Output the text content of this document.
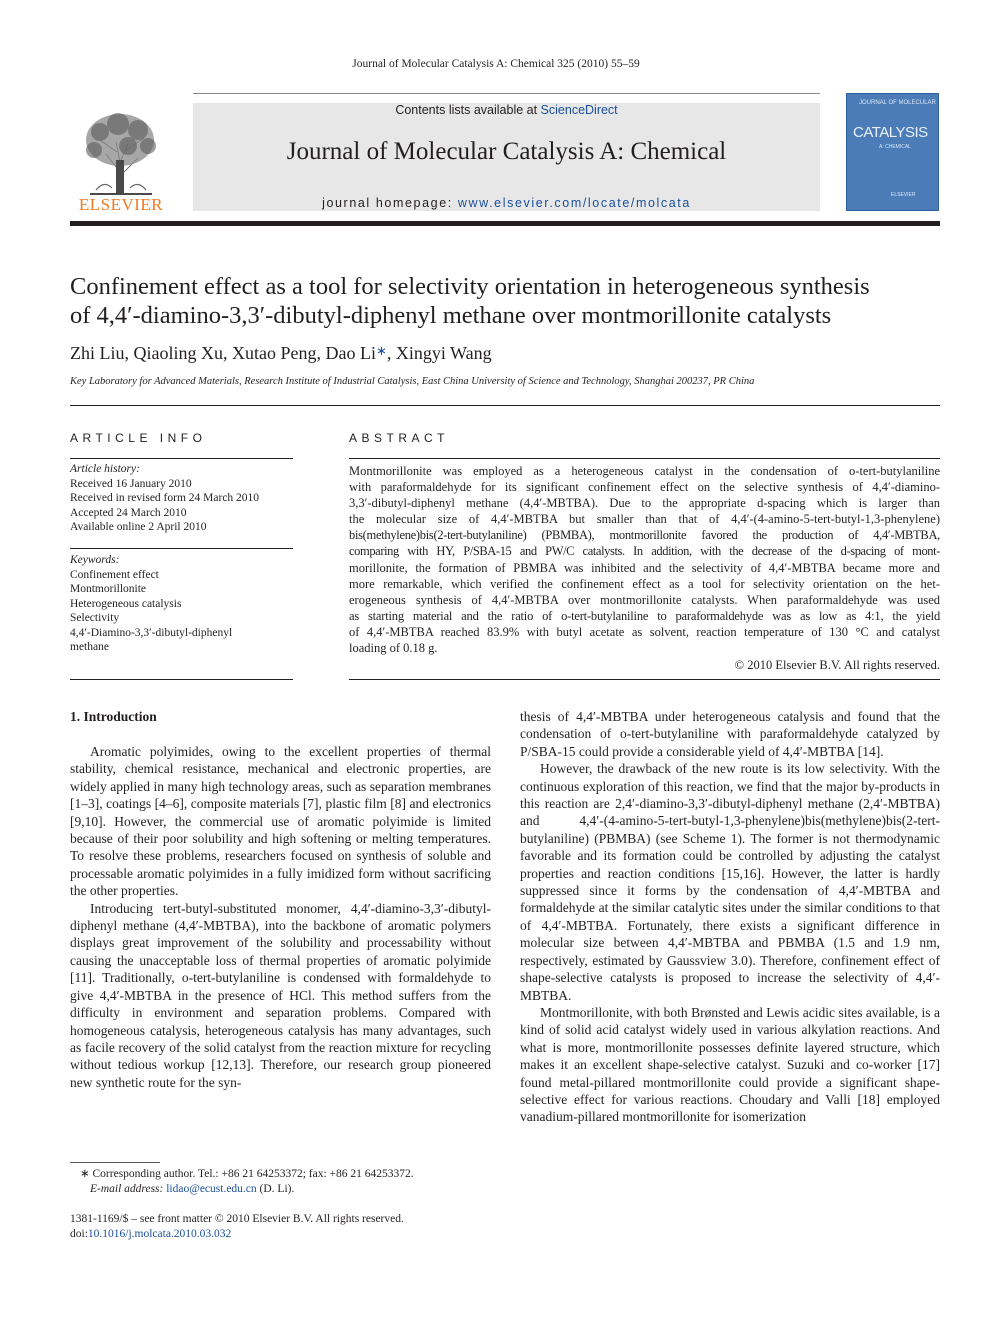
Journal of Molecular Catalysis A: Chemical 325 (2010) 55–59
ELSEVIER
Contents lists available at ScienceDirect
Journal of Molecular Catalysis A: Chemical
journal homepage: www.elsevier.com/locate/molcata
JOURNAL OF MOLECULAR
CATALYSIS
A: CHEMICAL
ELSEVIER
Confinement effect as a tool for selectivity orientation in heterogeneous synthesis
of 4,4′-diamino-3,3′-dibutyl-diphenyl methane over montmorillonite catalysts
Zhi Liu, Qiaoling Xu, Xutao Peng, Dao Li∗, Xingyi Wang
Key Laboratory for Advanced Materials, Research Institute of Industrial Catalysis, East China University of Science and Technology, Shanghai 200237, PR China
ARTICLE INFO
Article history:
Received 16 January 2010
Received in revised form 24 March 2010
Accepted 24 March 2010
Available online 2 April 2010
Keywords:
Confinement effect
Montmorillonite
Heterogeneous catalysis
Selectivity
4,4′-Diamino-3,3′-dibutyl-diphenyl
methane
ABSTRACT
Montmorillonite was employed as a heterogeneous catalyst in the condensation of o-tert-butylaniline
with paraformaldehyde for its significant confinement effect on the selective synthesis of 4,4′-diamino-
3,3′-dibutyl-diphenyl methane (4,4′-MBTBA). Due to the appropriate d-spacing which is larger than
the molecular size of 4,4′-MBTBA but smaller than that of 4,4′-(4-amino-5-tert-butyl-1,3-phenylene)
bis(methylene)bis(2-tert-butylaniline) (PBMBA), montmorillonite favored the production of 4,4′-MBTBA,
comparing with HY, P/SBA-15 and PW/C catalysts. In addition, with the decrease of the d-spacing of mont-
morillonite, the formation of PBMBA was inhibited and the selectivity of 4,4′-MBTBA became more and
more remarkable, which verified the confinement effect as a tool for selectivity orientation on the het-
erogeneous synthesis of 4,4′-MBTBA over montmorillonite catalysts. When paraformaldehyde was used
as starting material and the ratio of o-tert-butylaniline to paraformaldehyde was as low as 4:1, the yield
of 4,4′-MBTBA reached 83.9% with butyl acetate as solvent, reaction temperature of 130 °C and catalyst
loading of 0.18 g.
© 2010 Elsevier B.V. All rights reserved.
1. Introduction

Aromatic polyimides, owing to the excellent properties of thermal stability, chemical resistance, mechanical and electronic properties, are widely applied in many high technology areas, such as separation membranes [1–3], coatings [4–6], composite materials [7], plastic film [8] and electronics [9,10]. However, the commercial use of aromatic polyimide is limited because of their poor solubility and high softening or melting temperatures. To resolve these problems, researchers focused on synthesis of soluble and processable aromatic polyimides in a fully imidized form without sacrificing the other properties.

Introducing tert-butyl-substituted monomer, 4,4′-diamino-3,3′-dibutyl-diphenyl methane (4,4′-MBTBA), into the backbone of aromatic polymers displays great improvement of the solubility and processability without causing the unacceptable loss of thermal properties of aromatic polyimide [11]. Traditionally, o-tert-butylaniline is condensed with formaldehyde to give 4,4′-MBTBA in the presence of HCl. This method suffers from the difficulty in environment and separation problems. Compared with homogeneous catalysis, heterogeneous catalysis has many advantages, such as facile recovery of the solid catalyst from the reaction mixture for recycling without tedious workup [12,13]. Therefore, our research group pioneered new synthetic route for the syn-

thesis of 4,4′-MBTBA under heterogeneous catalysis and found that the condensation of o-tert-butylaniline with paraformaldehyde catalyzed by P/SBA-15 could provide a considerable yield of 4,4′-MBTBA [14].

However, the drawback of the new route is its low selectivity. With the continuous exploration of this reaction, we find that the major by-products in this reaction are 2,4′-diamino-3,3′-dibutyl-diphenyl methane (2,4′-MBTBA) and 4,4′-(4-amino-5-tert-butyl-1,3-phenylene)bis(methylene)bis(2-tert-butylaniline) (PBMBA) (see Scheme 1). The former is not thermodynamic favorable and its formation could be controlled by adjusting the catalyst properties and reaction conditions [15,16]. However, the latter is hardly suppressed since it forms by the condensation of 4,4′-MBTBA and formaldehyde at the similar catalytic sites under the similar conditions to that of 4,4′-MBTBA. Fortunately, there exists a significant difference in molecular size between 4,4′-MBTBA and PBMBA (1.5 and 1.9 nm, respectively, estimated by Gaussview 3.0). Therefore, confinement effect of shape-selective catalysts is proposed to increase the selectivity of 4,4′-MBTBA.

Montmorillonite, with both Brønsted and Lewis acidic sites available, is a kind of solid acid catalyst widely used in various alkylation reactions. And what is more, montmorillonite possesses definite layered structure, which makes it an excellent shape-selective catalyst. Suzuki and co-worker [17] found metal-pillared montmorillonite could provide a significant shape-selective effect for various reactions. Choudary and Valli [18] employed vanadium-pillared montmorillonite for isomerization

∗ Corresponding author. Tel.: +86 21 64253372; fax: +86 21 64253372.
E-mail address: lidao@ecust.edu.cn (D. Li).
1381-1169/$ – see front matter © 2010 Elsevier B.V. All rights reserved.
doi:10.1016/j.molcata.2010.03.032
